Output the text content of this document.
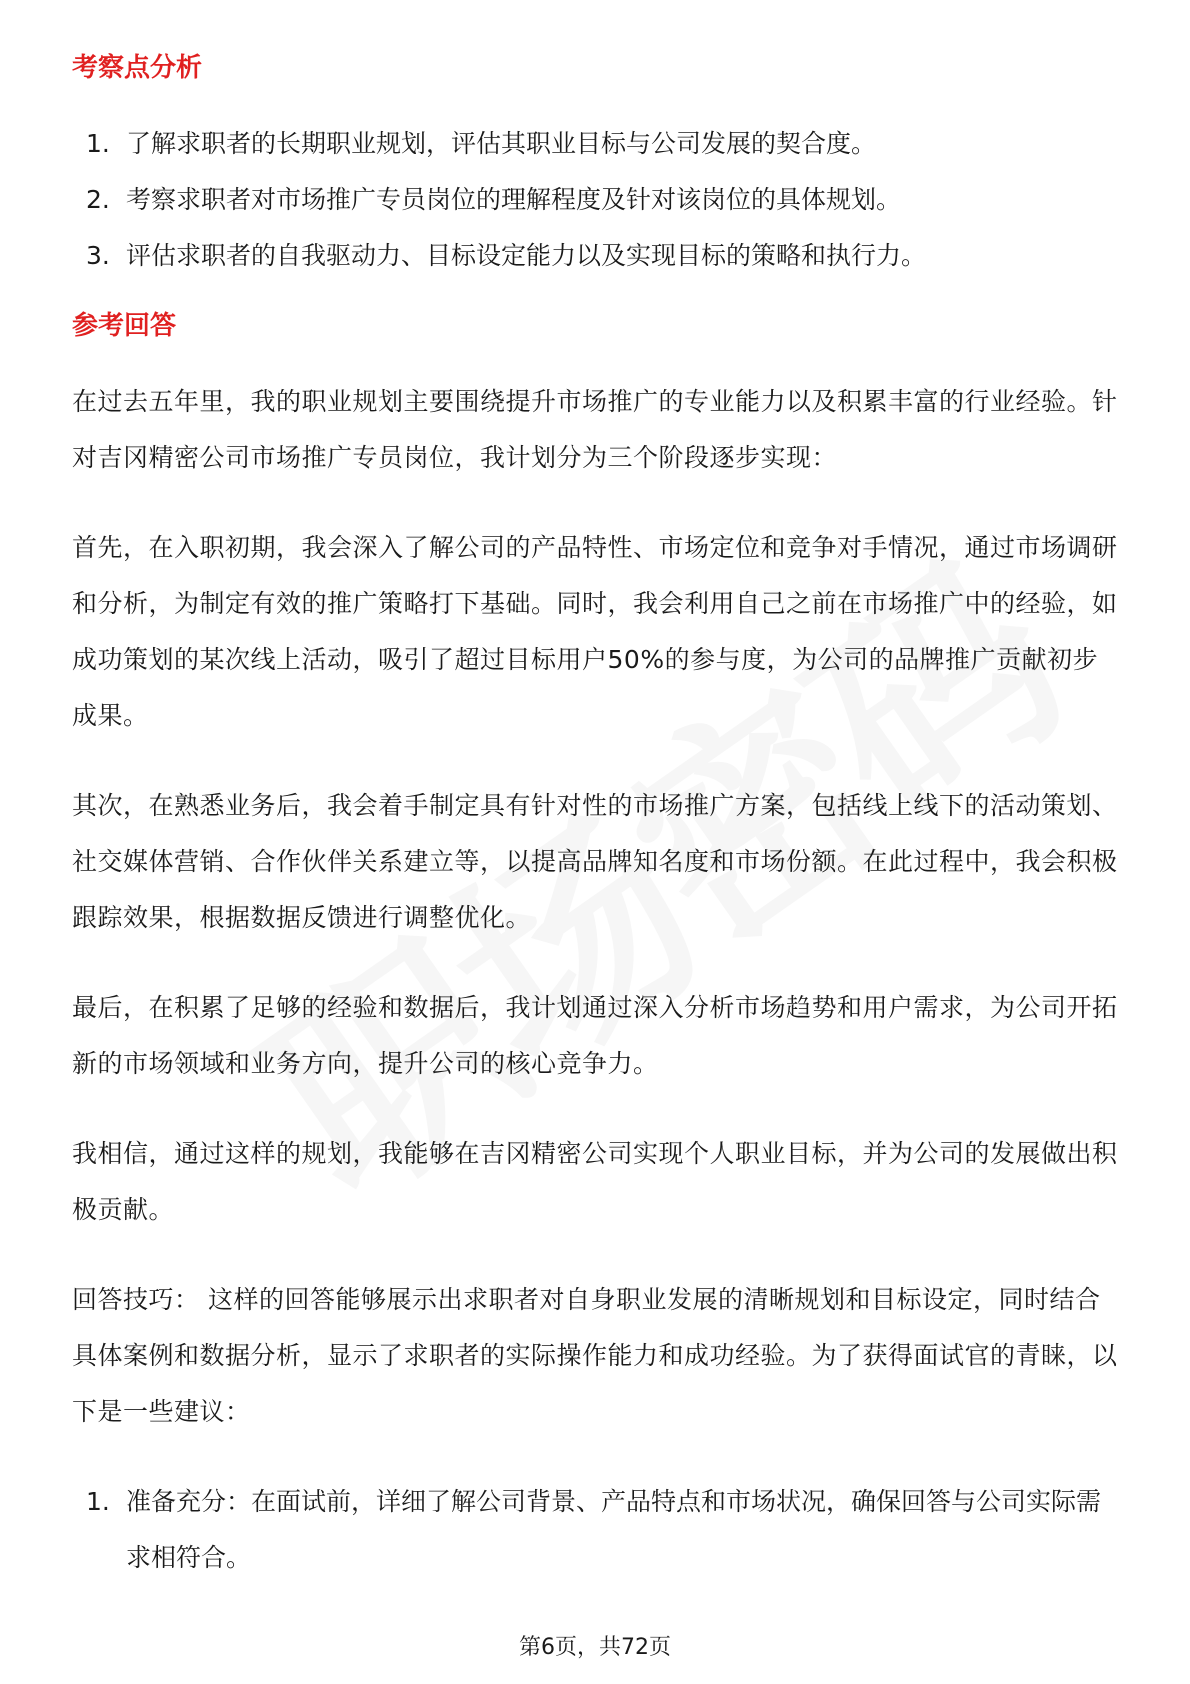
考察点分析
1. 了解求职者的长期职业规划，评估其职业目标与公司发展的契合度。
2. 考察求职者对市场推广专员岗位的理解程度及针对该岗位的具体规划。
3. 评估求职者的自我驱动力、目标设定能力以及实现目标的策略和执行力。
参考回答

在过去五年里，我的职业规划主要围绕提升市场推广的专业能力以及积累丰富的行业经验。针对吉冈精密公司市场推广专员岗位，我计划分为三个阶段逐步实现：

首先，在入职初期，我会深入了解公司的产品特性、市场定位和竞争对手情况，通过市场调研和分析，为制定有效的推广策略打下基础。同时，我会利用自己之前在市场推广中的经验，如成功策划的某次线上活动，吸引了超过目标用户50%的参与度，为公司的品牌推广贡献初步成果。

其次，在熟悉业务后，我会着手制定具有针对性的市场推广方案，包括线上线下的活动策划、社交媒体营销、合作伙伴关系建立等，以提高品牌知名度和市场份额。在此过程中，我会积极跟踪效果，根据数据反馈进行调整优化。

最后，在积累了足够的经验和数据后，我计划通过深入分析市场趋势和用户需求，为公司开拓新的市场领域和业务方向，提升公司的核心竞争力。

我相信，通过这样的规划，我能够在吉冈精密公司实现个人职业目标，并为公司的发展做出积极贡献。

回答技巧： 这样的回答能够展示出求职者对自身职业发展的清晰规划和目标设定，同时结合具体案例和数据分析，显示了求职者的实际操作能力和成功经验。为了获得面试官的青睐，以下是一些建议：

1. 准备充分：在面试前，详细了解公司背景、产品特点和市场状况，确保回答与公司实际需求相符合。
第6页，共72页
